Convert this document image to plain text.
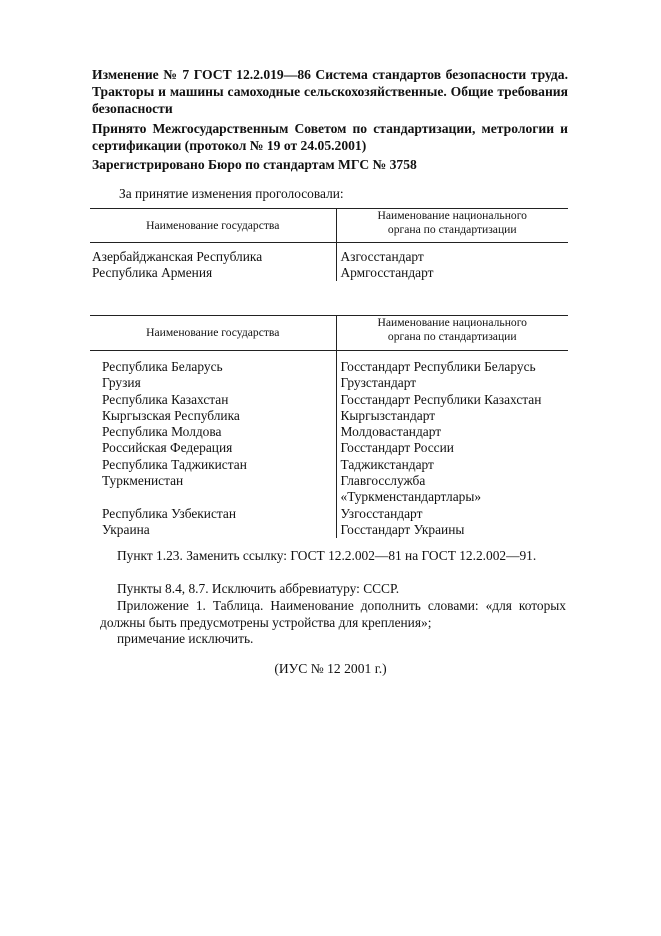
Изменение № 7 ГОСТ 12.2.019—86 Система стандартов безопасности труда. Тракторы и машины самоходные сельскохозяйственные. Общие требования безопасности

Принято Межгосударственным Советом по стандартизации, метрологии и сертификации (протокол № 19 от 24.05.2001)

Зарегистрировано Бюро по стандартам МГС № 3758

За принятие изменения проголосовали:
Наименование государства	Наименование национального
органа по стандартизации
Азербайджанская Республика	Азгосстандарт
Республика Армения	Армгосстандарт
Наименование государства	Наименование национального
органа по стандартизации
Республика Беларусь	Госстандарт Республики Беларусь
Грузия	Грузстандарт
Республика Казахстан	Госстандарт Республики Казахстан
Кыргызская Республика	Кыргызстандарт
Республика Молдова	Молдовастандарт
Российская Федерация	Госстандарт России
Республика Таджикистан	Таджикстандарт
Туркменистан	Главгосслужба «Туркменстандартлары»
Республика Узбекистан	Узгосстандарт
Украина	Госстандарт Украины

Пункт 1.23. Заменить ссылку: ГОСТ 12.2.002—81 на ГОСТ 12.2.002—91.

Пункты 8.4, 8.7. Исключить аббревиатуру: СССР.

Приложение 1. Таблица. Наименование дополнить словами: «для которых должны быть предусмотрены устройства для крепления»;

примечание исключить.

(ИУС № 12 2001 г.)
